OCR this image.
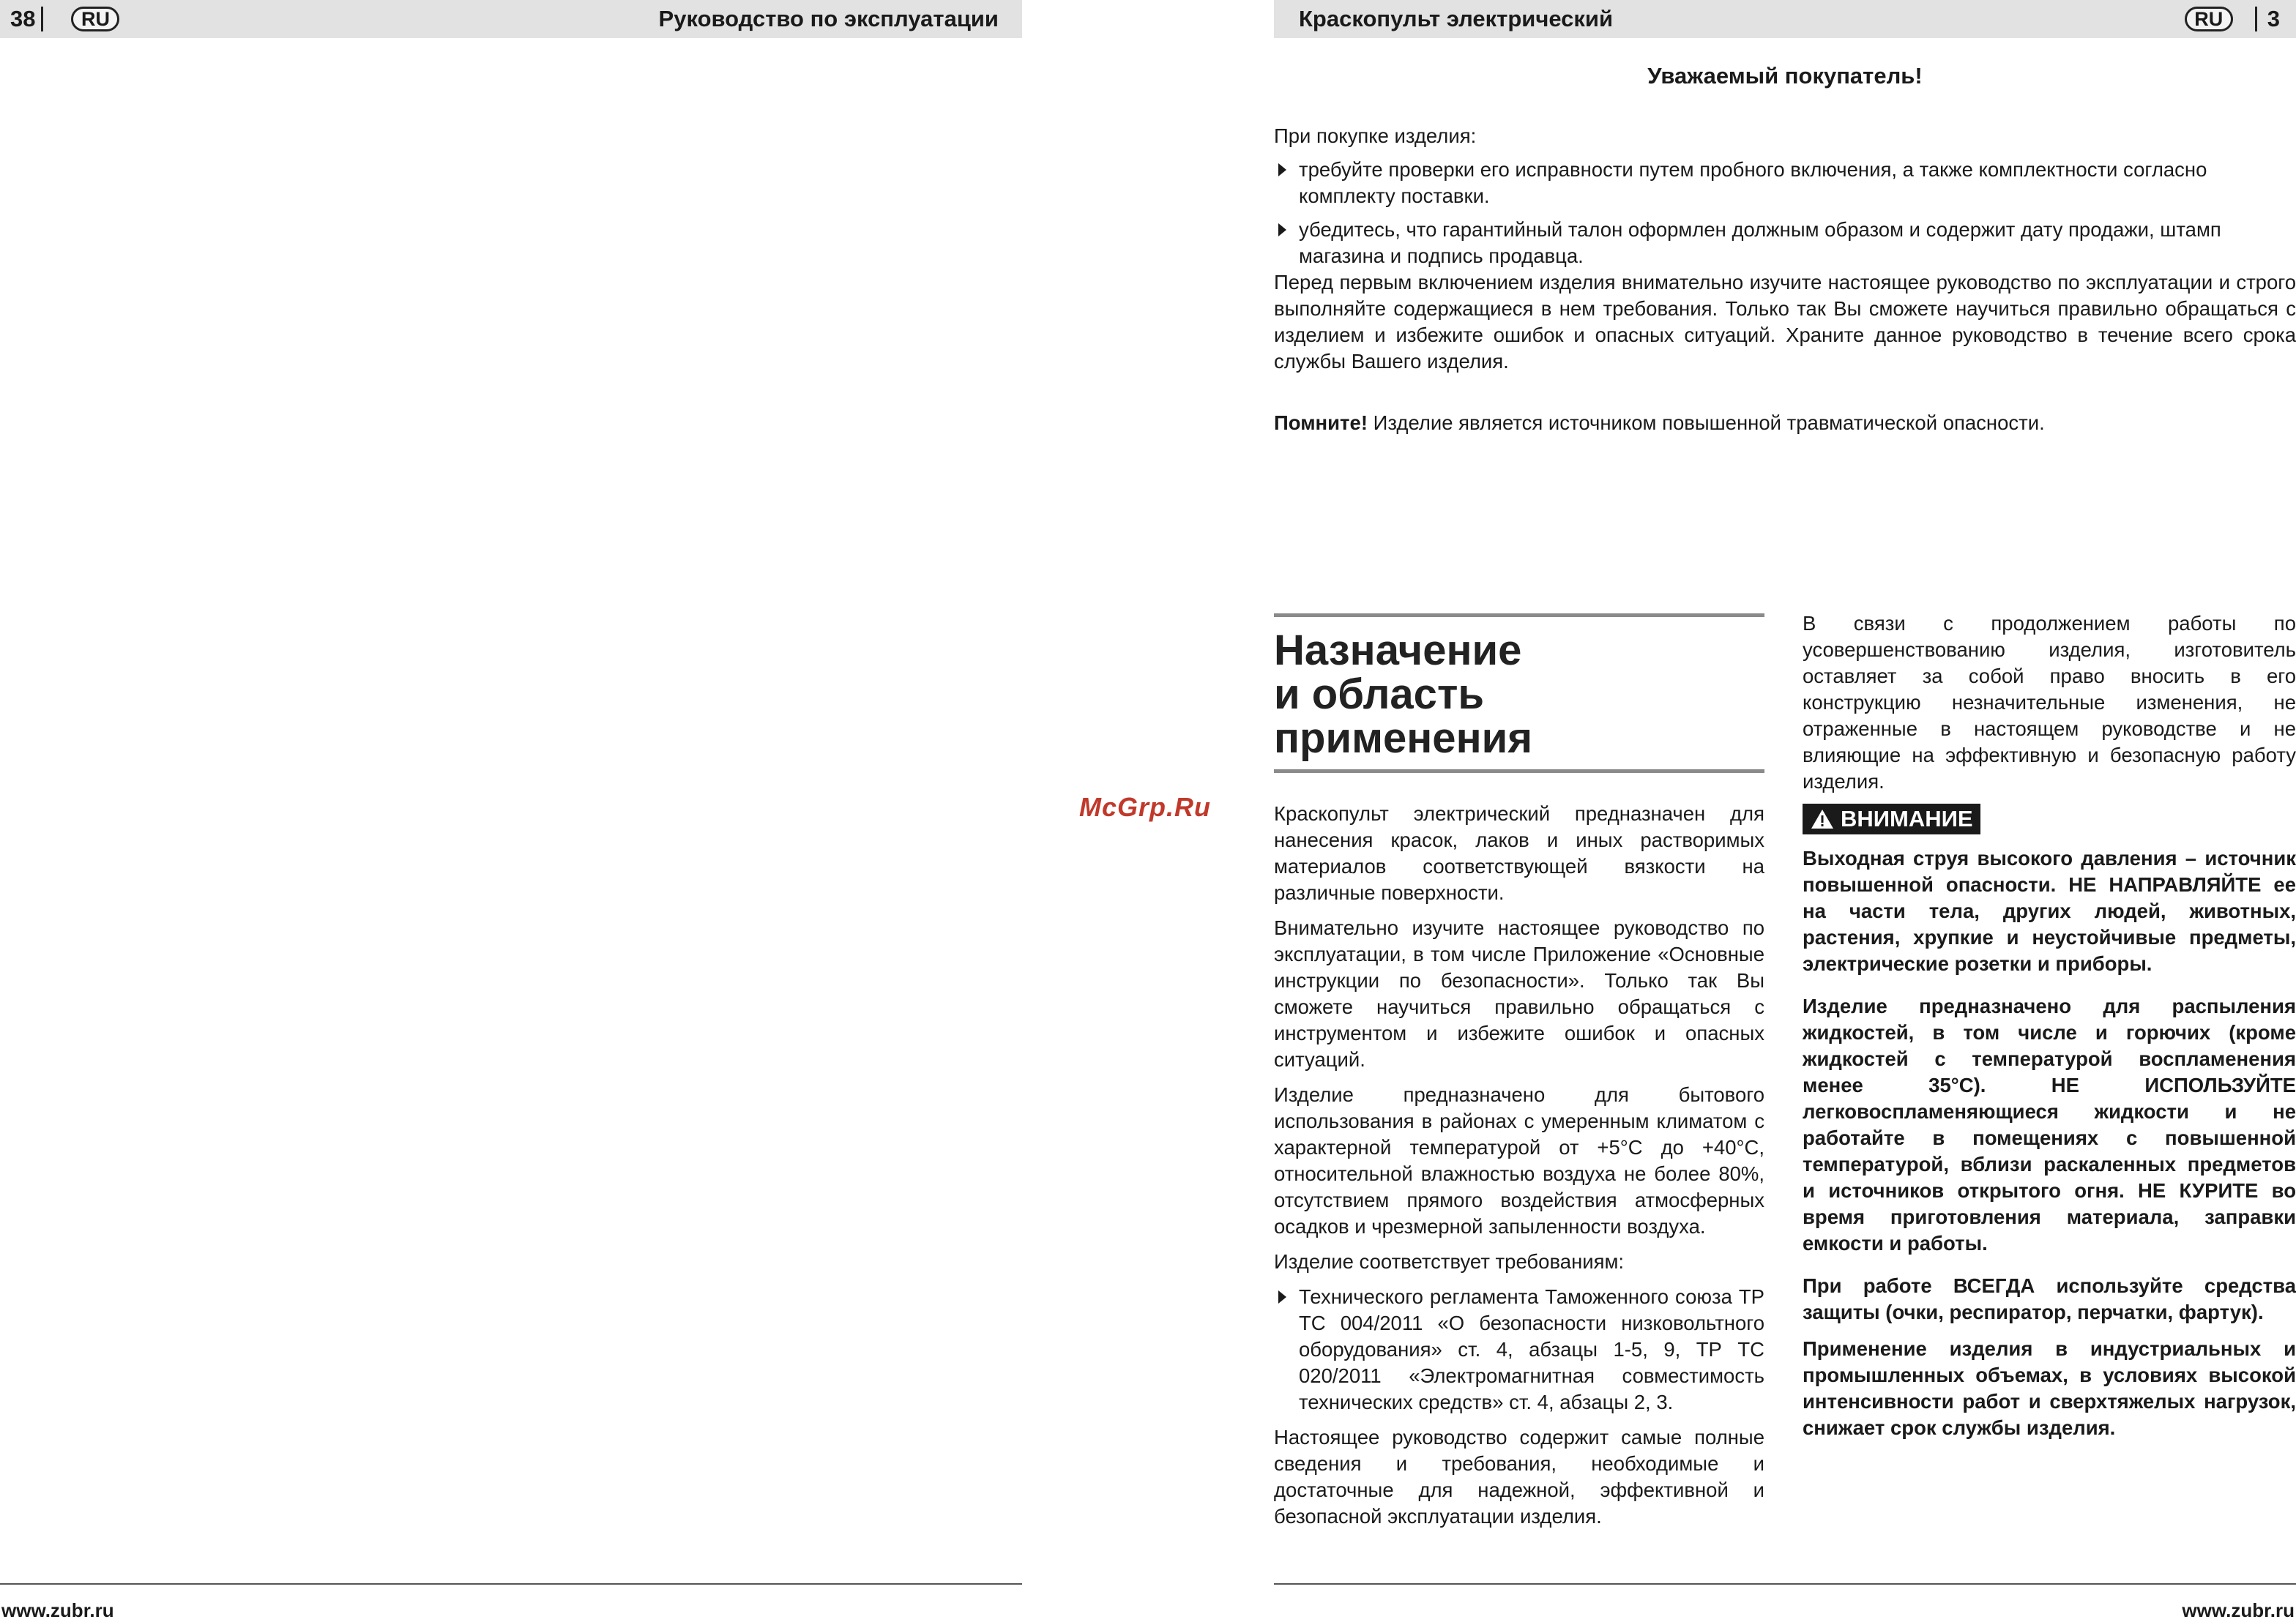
38	RU	Руководство по эксплуатации
www.zubr.ru
McGrp.Ru
Краскопульт электрический	RU	3
Уважаемый покупатель!

При покупке изделия:

требуйте проверки его исправности путем пробного включения, а также комплектности согласно комплекту поставки.
убедитесь, что гарантийный талон оформлен должным образом и содержит дату продажи, штамп магазина и подпись продавца.

Перед первым включением изделия внимательно изучите настоящее руководство по эксплуатации и строго выполняйте содержащиеся в нем требования. Только так Вы сможете научиться правильно обращаться с изделием и избежите ошибок и опасных ситуаций. Храните данное руководство в течение всего срока службы Вашего изделия.

Помните! Изделие является источником повышенной травматической опасности.

Назначение

и область

применения

Краскопульт электрический предназначен для нанесения красок, лаков и иных растворимых материалов соответствующей вязкости на различные поверхности.

Внимательно изучите настоящее руководство по эксплуатации, в том числе Приложение «Основные инструкции по безопасности». Только так Вы сможете научиться правильно обращаться с инструментом и избежите ошибок и опасных ситуаций.

Изделие предназначено для бытового использования в районах с умеренным климатом с характерной температурой от +5°C до +40°C, относительной влажностью воздуха не более 80%, отсутствием прямого воздействия атмосферных осадков и чрезмерной запыленности воздуха.

Изделие соответствует требованиям:

Технического регламента Таможенного союза ТР ТС 004/2011 «О безопасности низковольтного оборудования» ст. 4, абзацы 1-5, 9, ТР ТС 020/2011 «Электромагнитная совместимость технических средств» ст. 4, абзацы 2, 3.

Настоящее руководство содержит самые полные сведения и требования, необходимые и достаточные для надежной, эффективной и безопасной эксплуатации изделия.

В связи с продолжением работы по усовершенствованию изделия, изготовитель оставляет за собой право вносить в его конструкцию незначительные изменения, не отраженные в настоящем руководстве и не влияющие на эффективную и безопасную работу изделия.

ВНИМАНИЕ

Выходная струя высокого давления – источник повышенной опасности. НЕ НАПРАВЛЯЙТЕ ее на части тела, других людей, животных, растения, хрупкие и неустойчивые предметы, электрические розетки и приборы.

Изделие предназначено для распыления жидкостей, в том числе и горючих (кроме жидкостей с температурой воспламенения менее 35°C). НЕ ИСПОЛЬЗУЙТЕ легковоспламеняющиеся жидкости и не работайте в помещениях с повышенной температурой, вблизи раскаленных предметов и источников открытого огня. НЕ КУРИТЕ во время приготовления материала, заправки емкости и работы.

При работе ВСЕГДА используйте средства защиты (очки, респиратор, перчатки, фартук).

Применение изделия в индустриальных и промышленных объемах, в условиях высокой интенсивности работ и сверхтяжелых нагрузок, снижает срок службы изделия.

www.zubr.ru
